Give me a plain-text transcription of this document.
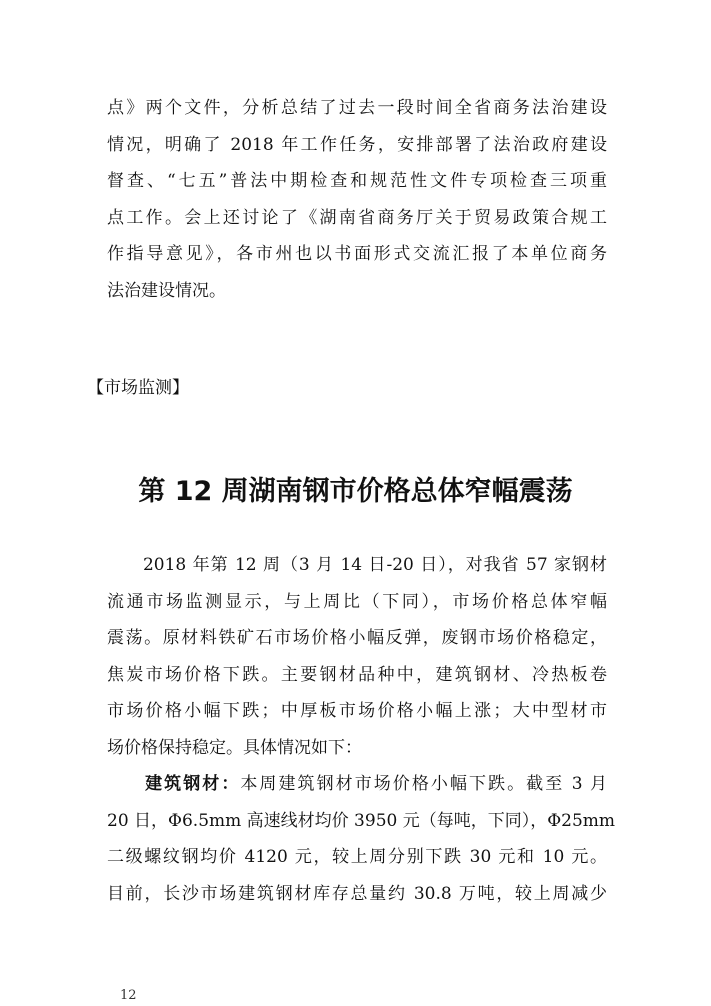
点》两个文件，分析总结了过去一段时间全省商务法治建设
情况，明确了 2018 年工作任务，安排部署了法治政府建设
督查、“七五”普法中期检查和规范性文件专项检查三项重
点工作。会上还讨论了《湖南省商务厅关于贸易政策合规工
作指导意见》，各市州也以书面形式交流汇报了本单位商务
法治建设情况。
【市场监测】
第 12 周湖南钢市价格总体窄幅震荡
　　2018 年第 12 周（3 月 14 日-20 日），对我省 57 家钢材
流通市场监测显示，与上周比（下同），市场价格总体窄幅
震荡。原材料铁矿石市场价格小幅反弹，废钢市场价格稳定，
焦炭市场价格下跌。主要钢材品种中，建筑钢材、冷热板卷
市场价格小幅下跌；中厚板市场价格小幅上涨；大中型材市
场价格保持稳定。具体情况如下：
　　建筑钢材：本周建筑钢材市场价格小幅下跌。截至 3 月
20 日，Φ6.5mm 高速线材均价 3950 元（每吨，下同），Φ25mm
二级螺纹钢均价 4120 元，较上周分别下跌 30 元和 10 元。
目前，长沙市场建筑钢材库存总量约 30.8 万吨，较上周减少
12
